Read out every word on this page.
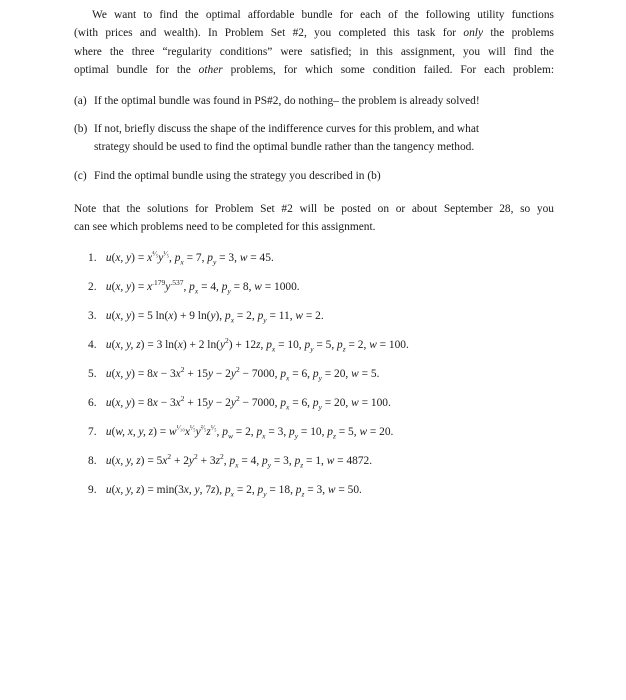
We want to find the optimal affordable bundle for each of the following utility functions
(with prices and wealth). In Problem Set #2, you completed this task for only the problems
where the three “regularity conditions” were satisfied; in this assignment, you will find the
optimal bundle for the other problems, for which some condition failed. For each problem:
(a) If the optimal bundle was found in PS#2, do nothing– the problem is already solved!
(b) If not, briefly discuss the shape of the indifference curves for this problem, and what
strategy should be used to find the optimal bundle rather than the tangency method.
(c) Find the optimal bundle using the strategy you described in (b)
Note that the solutions for Problem Set #2 will be posted on or about September 28, so you
can see which problems need to be completed for this assignment.
1. u(x, $y) = x^{^4⁄_5}y^{^1⁄_5}$, $p_x = 7$, $p_y = 3$, w = 45.
2. u(x, $y) = x^{.179}y^{.537}$, $p_x = 4$, $p_y = 8$, w = 1000.
3. u(x, y) = 5 ln(x) + 9 ln(y), $p_x = 2$, $p_y = 11$, w = 2.
4. u(x, y, z) = 3 ln(x) + 2 $\ln(y^2) + 12z$, $p_x = 10$, $p_y = 5$, $p_z = 2$, w = 100.
5. u(x, $y) = 8x - 3x^2 + 15y - 2y^2 - 7000$, $p_x = 6$, $p_y = 20$, w = 5.
6. u(x, $y) = 8x - 3x^2 + 15y - 2y^2 - 7000$, $p_x = 6$, $p_y = 20$, w = 100.
7. u(w, x, y, $z) = w^{^1⁄_{10}}x^{^1⁄_5}y^{^2⁄_5}z^{^1⁄_5}$, $p_w = 2$, $p_x = 3$, $p_y = 10$, $p_z = 5$, w = 20.
8. u(x, y, $z) = 5x^2 + 2y^2 + 3z^2$, $p_x = 4$, $p_y = 3$, $p_z = 1$, w = 4872.
9. u(x, y, z) = min(3x, y, 7z), $p_x = 2$, $p_y = 18$, $p_z = 3$, w = 50.
